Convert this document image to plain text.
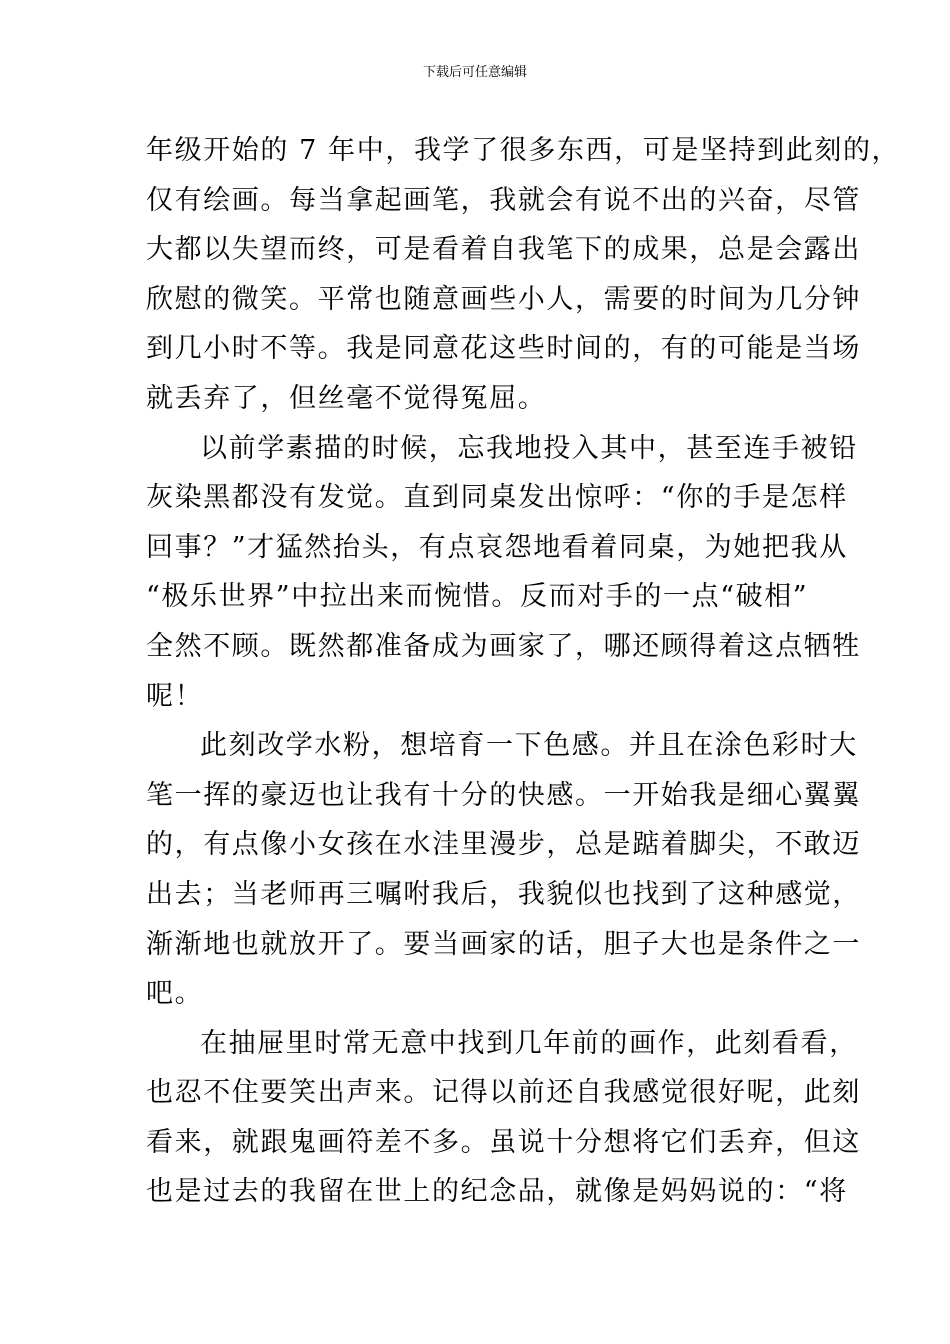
下载后可任意编辑

年级开始的 7 年中，我学了很多东西，可是坚持到此刻的，

仅有绘画。每当拿起画笔，我就会有说不出的兴奋，尽管

大都以失望而终，可是看着自我笔下的成果，总是会露出

欣慰的微笑。平常也随意画些小人，需要的时间为几分钟

到几小时不等。我是同意花这些时间的，有的可能是当场

就丢弃了，但丝毫不觉得冤屈。

以前学素描的时候，忘我地投入其中，甚至连手被铅

灰染黑都没有发觉。直到同桌发出惊呼：“你的手是怎样

回事？”才猛然抬头，有点哀怨地看着同桌，为她把我从

“极乐世界”中拉出来而惋惜。反而对手的一点“破相”

全然不顾。既然都准备成为画家了，哪还顾得着这点牺牲

呢！

此刻改学水粉，想培育一下色感。并且在涂色彩时大

笔一挥的豪迈也让我有十分的快感。一开始我是细心翼翼

的，有点像小女孩在水洼里漫步，总是踮着脚尖，不敢迈

出去；当老师再三嘱咐我后，我貌似也找到了这种感觉，

渐渐地也就放开了。要当画家的话，胆子大也是条件之一

吧。

在抽屉里时常无意中找到几年前的画作，此刻看看，

也忍不住要笑出声来。记得以前还自我感觉很好呢，此刻

看来，就跟鬼画符差不多。虽说十分想将它们丢弃，但这

也是过去的我留在世上的纪念品，就像是妈妈说的：“将
